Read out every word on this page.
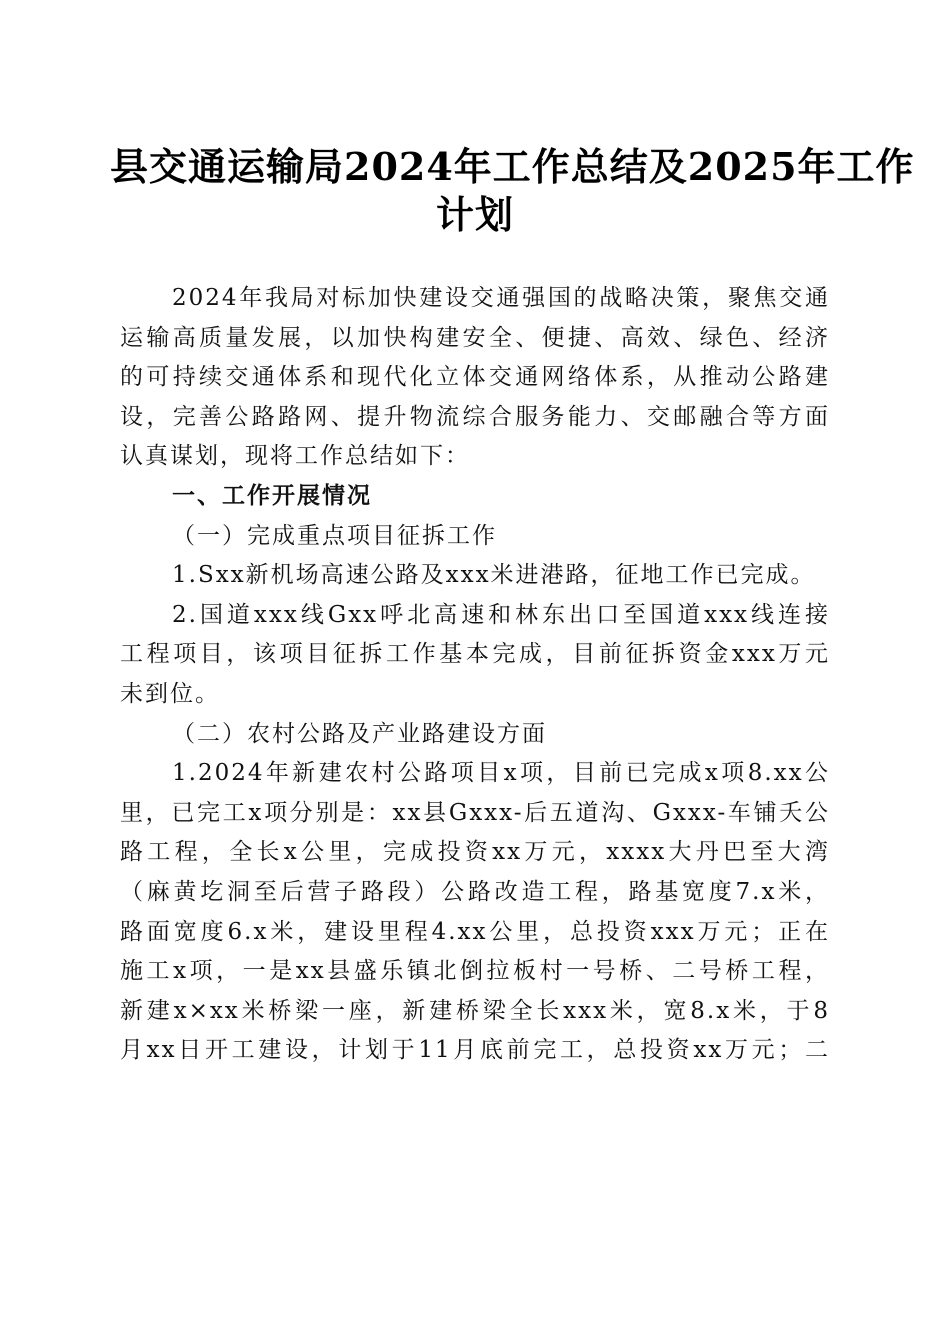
县交通运输局2024年工作总结及2025年工作
计划
2024年我局对标加快建设交通强国的战略决策，聚焦交通
运输高质量发展，以加快构建安全、便捷、高效、绿色、经济
的可持续交通体系和现代化立体交通网络体系，从推动公路建
设，完善公路路网、提升物流综合服务能力、交邮融合等方面
认真谋划，现将工作总结如下：
一、工作开展情况
（一）完成重点项目征拆工作
1.Sxx新机场高速公路及xxx米进港路，征地工作已完成。
2.国道xxx线Gxx呼北高速和林东出口至国道xxx线连接
工程项目，该项目征拆工作基本完成，目前征拆资金xxx万元
未到位。
（二）农村公路及产业路建设方面
1.2024年新建农村公路项目x项，目前已完成x项8.xx公
里，已完工x项分别是：xx县Gxxx-后五道沟、Gxxx-车铺夭公
路工程，全长x公里，完成投资xx万元，xxxx大丹巴至大湾
（麻黄圪洞至后营子路段）公路改造工程，路基宽度7.x米，
路面宽度6.x米，建设里程4.xx公里，总投资xxx万元；正在
施工x项，一是xx县盛乐镇北倒拉板村一号桥、二号桥工程，
新建x×xx米桥梁一座，新建桥梁全长xxx米，宽8.x米，于8
月xx日开工建设，计划于11月底前完工，总投资xx万元；二
